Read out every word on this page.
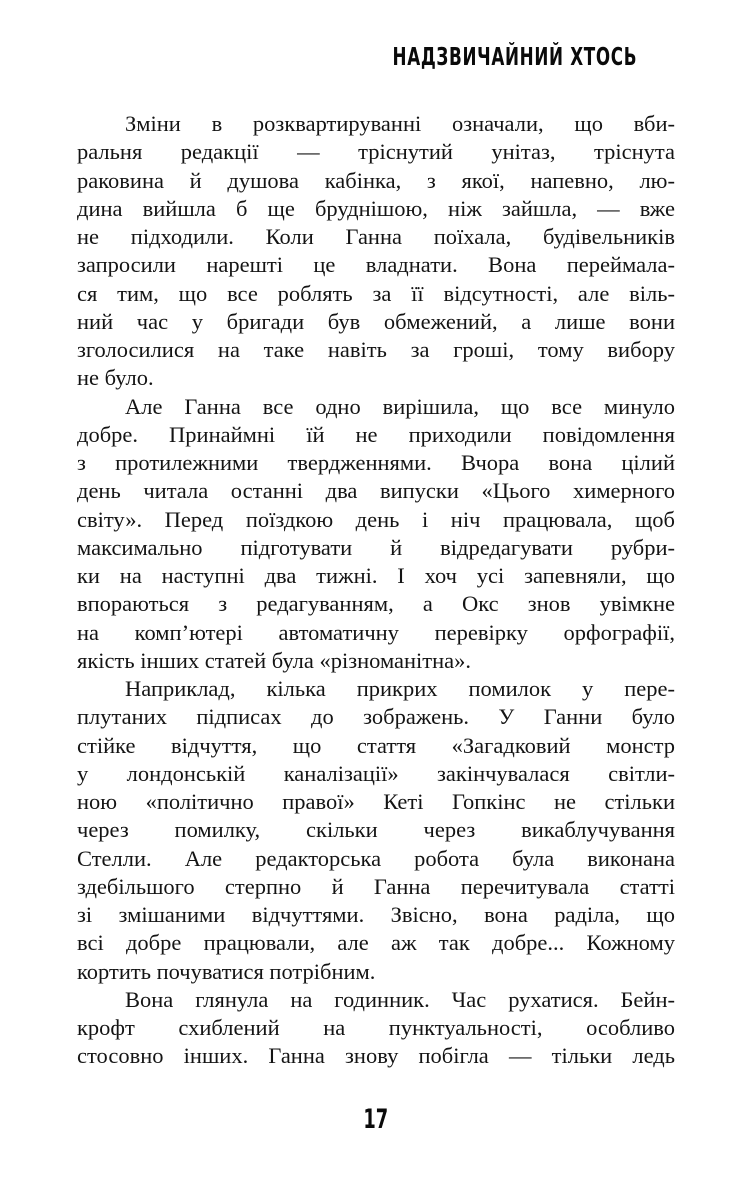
НАДЗВИЧАЙНИЙ ХТОСЬ
Зміни в розквартируванні означали, що вби-
ральня редакції — тріснутий унітаз, тріснута
раковина й душова кабінка, з якої, напевно, лю-
дина вийшла б ще бруднішою, ніж зайшла, — вже
не підходили. Коли Ганна поїхала, будівельників
запросили нарешті це владнати. Вона переймала-
ся тим, що все роблять за її відсутності, але віль-
ний час у бригади був обмежений, а лише вони
зголосилися на таке навіть за гроші, тому вибору
не було.
Але Ганна все одно вирішила, що все минуло
добре. Принаймні їй не приходили повідомлення
з протилежними твердженнями. Вчора вона цілий
день читала останні два випуски «Цього химерного
світу». Перед поїздкою день і ніч працювала, щоб
максимально підготувати й відредагувати рубри-
ки на наступні два тижні. І хоч усі запевняли, що
впораються з редагуванням, а Окс знов увімкне
на комп’ютері автоматичну перевірку орфографії,
якість інших статей була «різноманітна».
Наприклад, кілька прикрих помилок у пере-
плутаних підписах до зображень. У Ганни було
стійке відчуття, що стаття «Загадковий монстр
у лондонській каналізації» закінчувалася світли-
ною «політично правої» Кеті Гопкінс не стільки
через помилку, скільки через викаблучування
Стелли. Але редакторська робота була виконана
здебільшого стерпно й Ганна перечитувала статті
зі змішаними відчуттями. Звісно, вона раділа, що
всі добре працювали, але аж так добре... Кожному
кортить почуватися потрібним.
Вона глянула на годинник. Час рухатися. Бейн-
крофт схиблений на пунктуальності, особливо
стосовно інших. Ганна знову побігла — тільки ледь
17
